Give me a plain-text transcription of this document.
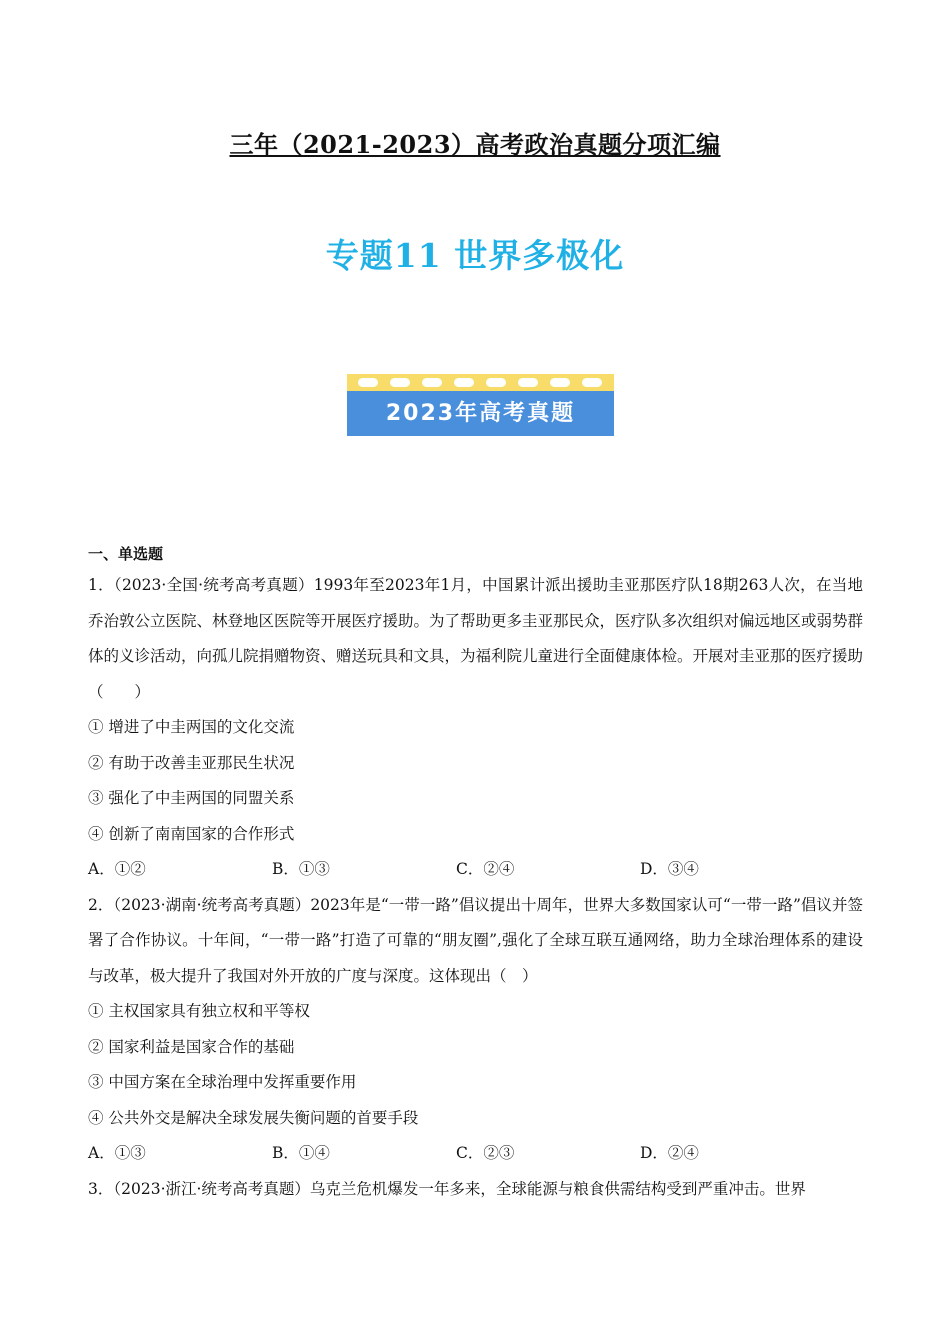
三年（2021-2023）高考政治真题分项汇编
专题11 世界多极化
2023年高考真题
一、单选题
1．（2023·全国·统考高考真题）1993年至2023年1月，中国累计派出援助圭亚那医疗队18期263人次，在当地乔治敦公立医院、林登地区医院等开展医疗援助。为了帮助更多圭亚那民众，医疗队多次组织对偏远地区或弱势群体的义诊活动，向孤儿院捐赠物资、赠送玩具和文具，为福利院儿童进行全面健康体检。开展对圭亚那的医疗援助（　　）
① 增进了中圭两国的文化交流
② 有助于改善圭亚那民生状况
③ 强化了中圭两国的同盟关系
④ 创新了南南国家的合作形式
A．①②	B．①③	C．②④	D．③④
2．（2023·湖南·统考高考真题）2023年是“一带一路”倡议提出十周年，世界大多数国家认可“一带一路”倡议并签署了合作协议。十年间，“一带一路”打造了可靠的“朋友圈”,强化了全球互联互通网络，助力全球治理体系的建设与改革，极大提升了我国对外开放的广度与深度。这体现出（　）
① 主权国家具有独立权和平等权
② 国家利益是国家合作的基础
③ 中国方案在全球治理中发挥重要作用
④ 公共外交是解决全球发展失衡问题的首要手段
A．①③	B．①④	C．②③	D．②④
3．（2023·浙江·统考高考真题）乌克兰危机爆发一年多来，全球能源与粮食供需结构受到严重冲击。世界
